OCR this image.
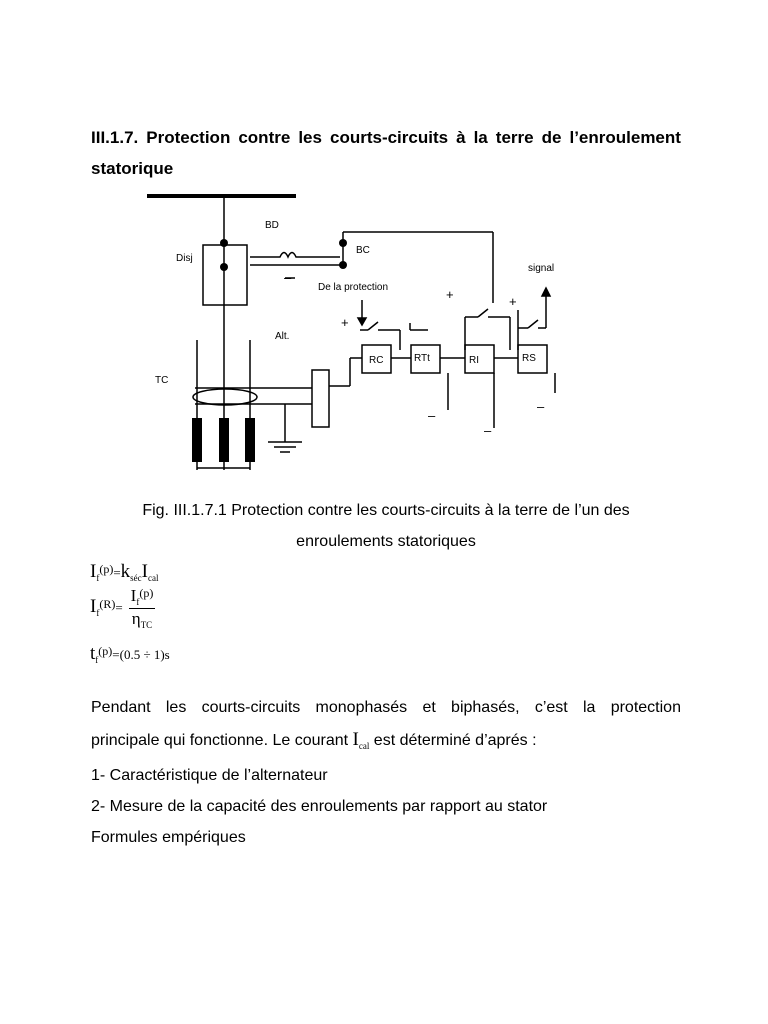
III.1.7. Protection contre les courts-circuits à la terre de l’enroulement
statorique
BD
Disj
BC
signal
De la protection
Alt.
TC
RC	RTt	RI	RS
+
+	+
–
–
–
–
Fig. III.1.7.1 Protection contre les courts-circuits à la terre de l’un des
enroulements statoriques
$I_f^{(p)}=k_{séc}I_{cal}$
$I_f^{(R)}= \frac{I_f^{(p)}}{\eta_{TC}}$
$t_f^{(p)}=(0.5 \div 1)s$
Pendant les courts-circuits monophasés et biphasés, c’est la protection
principale qui fonctionne. Le courant $I_{cal}$ est déterminé d’aprés :
1- Caractéristique de l’alternateur
2- Mesure de la capacité des enroulements par rapport au stator
Formules empériques
